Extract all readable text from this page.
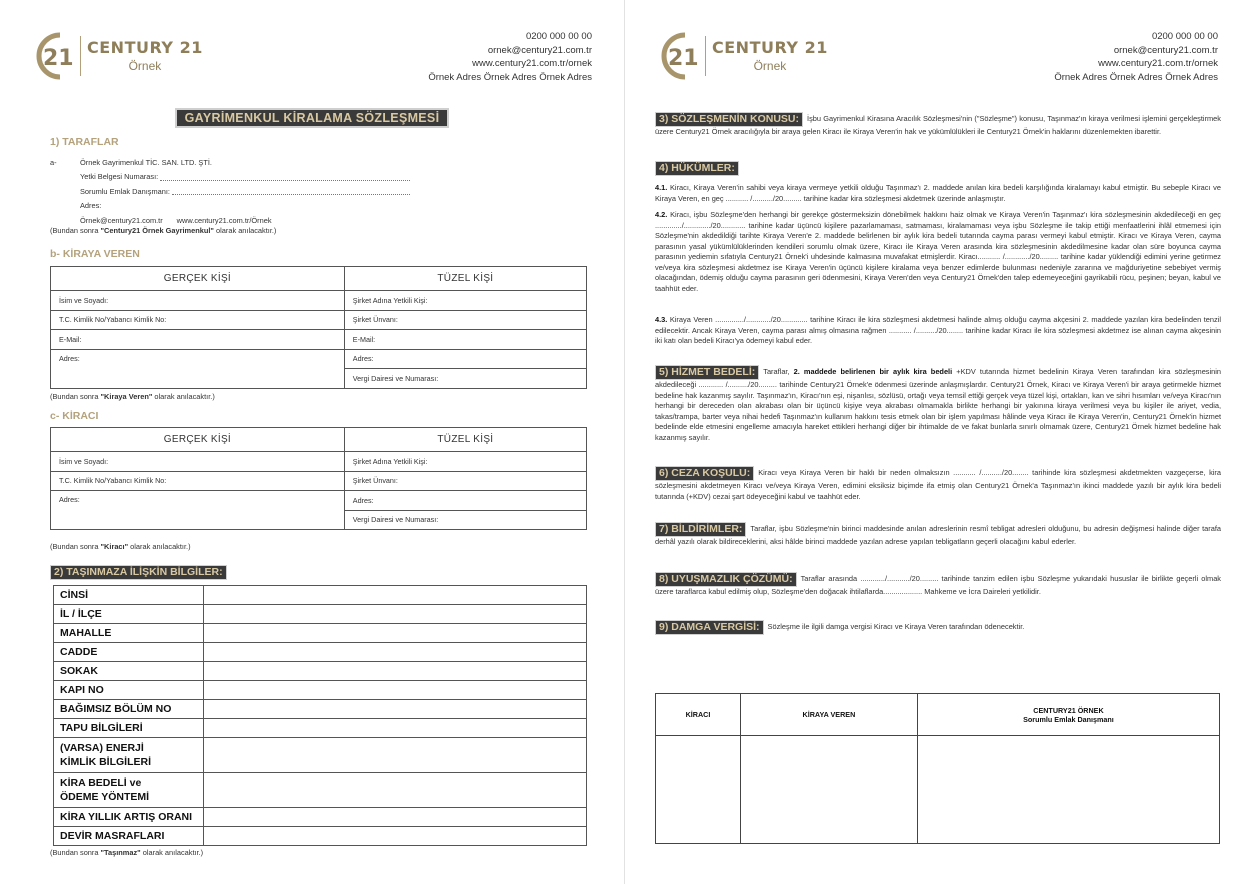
21 CENTURY 21
Örnek
0200 000 00 00
ornek@century21.com.tr
www.century21.com.tr/ornek
Örnek Adres Örnek Adres Örnek Adres
GAYRİMENKUL KİRALAMA SÖZLEŞMESİ
1) TARAFLAR
a-	Örnek Gayrimenkul TİC. SAN. LTD. ŞTİ.
Yetki Belgesi Numarası:
Sorumlu Emlak Danışmanı:
Adres:
Örnek@century21.com.tr www.century21.com.tr/Örnek
(Bundan sonra "Century21 Örnek Gayrimenkul" olarak anılacaktır.)
b- KİRAYA VEREN
GERÇEK KİŞİ	TÜZEL KİŞİ
İsim ve Soyadı:	Şirket Adına Yetkili Kişi:
T.C. Kimlik No/Yabancı Kimlik No:	Şirket Ünvanı:
E-Mail:	E-Mail:
Adres:	Adres:
	Vergi Dairesi ve Numarası:
(Bundan sonra "Kiraya Veren" olarak anılacaktır.)
c- KİRACI
GERÇEK KİŞİ	TÜZEL KİŞİ
İsim ve Soyadı:	Şirket Adına Yetkili Kişi:
T.C. Kimlik No/Yabancı Kimlik No:	Şirket Ünvanı:
Adres:	Adres:
	Vergi Dairesi ve Numarası:
(Bundan sonra "Kiracı" olarak anılacaktır.)
2) TAŞINMAZA İLİŞKİN BİLGİLER:
CİNSİ	
İL / İLÇE	
MAHALLE	
CADDE	
SOKAK	
KAPI NO	
BAĞIMSIZ BÖLÜM NO	
TAPU BİLGİLERİ	

(VARSA) ENERJİ
KİMLİK BİLGİLERİ	

KİRA BEDELİ ve
ÖDEME YÖNTEMİ	

KİRA YILLIK ARTIŞ ORANI	
DEVİR MASRAFLARI	
(Bundan sonra "Taşınmaz" olarak anılacaktır.)
21 CENTURY 21
Örnek
0200 000 00 00
ornek@century21.com.tr
www.century21.com.tr/ornek
Örnek Adres Örnek Adres Örnek Adres
3) SÖZLEŞMENİN KONUSU: İşbu Gayrimenkul Kirasına Aracılık Sözleşmesi'nin ("Sözleşme") konusu, Taşınmaz'ın kiraya verilmesi işlemini gerçekleştirmek üzere Century21 Örnek aracılığıyla bir araya gelen Kiracı ile Kiraya Veren'in hak ve yükümlülükleri ile Century21 Örnek'in haklarını düzenlemekten ibarettir.
4) HÜKÜMLER:
4.1. Kiracı, Kiraya Veren'in sahibi veya kiraya vermeye yetkili olduğu Taşınmaz'ı 2. maddede anılan kira bedeli karşılığında kiralamayı kabul etmiştir. Bu sebeple Kiracı ve Kiraya Veren, en geç ........... /........../20......... tarihine kadar kira sözleşmesi akdetmek üzerinde anlaşmıştır.
4.2. Kiracı, işbu Sözleşme'den herhangi bir gerekçe göstermeksizin dönebilmek hakkını haiz olmak ve Kiraya Veren'in Taşınmaz'ı kira sözleşmesinin akdedileceği en geç ............./............./20............ tarihine kadar üçüncü kişilere pazarlamaması, satmaması, kiralamaması veya işbu Sözleşme ile takip ettiği menfaatlerini ihlâl etmemesi için Sözleşme'nin akdedildiği tarihte Kiraya Veren'e 2. maddede belirlenen bir aylık kira bedeli tutarında cayma parası vermeyi kabul etmiştir. Kiracı ve Kiraya Veren, cayma parasının yasal yükümlülüklerinden kendileri sorumlu olmak üzere, Kiracı ile Kiraya Veren arasında kira sözleşmesinin akdedilmesine kadar olan süre boyunca cayma parasının yediemin sıfatıyla Century21 Örnek'i uhdesinde kalmasına muvafakat etmişlerdir. Kiracı........... /............/20......... tarihine kadar yüklendiği edimini yerine getirmez ve/veya kira sözleşmesi akdetmez ise Kiraya Veren'in üçüncü kişilere kiralama veya benzer edimlerde bulunması nedeniyle zararına ve mağduriyetine sebebiyet vermiş olacağından, ödemiş olduğu cayma parasının geri ödenmesini, Kiraya Veren'den veya Century21 Örnek'den talep edemeyeceğini gayrikabili rücu, peşinen; beyan, kabul ve taahhüt eder.
4.3. Kiraya Veren ............../............/20............. tarihine Kiracı ile kira sözleşmesi akdetmesi halinde almış olduğu cayma akçesini 2. maddede yazılan kira bedelinden tenzil edilecektir. Ancak Kiraya Veren, cayma parası almış olmasına rağmen ........... /........../20........ tarihine kadar Kiracı ile kira sözleşmesi akdetmez ise alınan cayma akçesinin iki katı olan bedeli Kiracı'ya ödemeyi kabul eder.
5) HİZMET BEDELİ: Taraflar, 2. maddede belirlenen bir aylık kira bedeli +KDV tutarında hizmet bedelinin Kiraya Veren tarafından kira sözleşmesinin akdedileceği ............ /........../20......... tarihinde Century21 Örnek'e ödenmesi üzerinde anlaşmışlardır. Century21 Örnek, Kiracı ve Kiraya Veren'i bir araya getirmekle hizmet bedeline hak kazanmış sayılır. Taşınmaz'ın, Kiracı'nın eşi, nişanlısı, sözlüsü, ortağı veya temsil ettiği gerçek veya tüzel kişi, ortakları, kan ve sihri hısımları ve/veya Kiracı'nın herhangi bir dereceden olan akrabası olan bir üçüncü kişiye veya akrabası olmamakla birlikte herhangi bir yakınına kiraya verilmesi veya bu kişiler ile ariyet, vedia, takas/trampa, barter veya nihai hedefi Taşınmaz'ın kullanım hakkını tesis etmek olan bir işlem yapılması hâlinde veya Kiracı ile Kiraya Veren'in, Century21 Örnek'in hizmet bedelinde elde etmesini engelleme amacıyla hareket ettikleri herhangi diğer bir ihtimalde de ve fakat bunlarla sınırlı olmamak üzere, Century21 Örnek hizmet bedeline hak kazanmış sayılır.
6) CEZA KOŞULU: Kiracı veya Kiraya Veren bir haklı bir neden olmaksızın ........... /........../20........ tarihinde kira sözleşmesi akdetmekten vazgeçerse, kira sözleşmesini akdetmeyen Kiracı ve/veya Kiraya Veren, edimini eksiksiz biçimde ifa etmiş olan Century21 Örnek'a Taşınmaz'ın ikinci maddede yazılı bir aylık kira bedeli tutarında (+KDV) cezai şart ödeyeceğini kabul ve taahhüt eder.
7) BİLDİRİMLER: Taraflar, işbu Sözleşme'nin birinci maddesinde anılan adreslerinin resmî tebligat adresleri olduğunu, bu adresin değişmesi halinde diğer tarafa derhâl yazılı olarak bildireceklerini, aksi hâlde birinci maddede yazılan adrese yapılan tebligatların geçerli olacağını kabul ederler.
8) UYUŞMAZLIK ÇÖZÜMÜ: Taraflar arasında ............/.........../20......... tarihinde tanzim edilen işbu Sözleşme yukarıdaki hususlar ile birlikte geçerli olmak üzere taraflarca kabul edilmiş olup, Sözleşme'den doğacak ihtilaflarda................... Mahkeme ve İcra Daireleri yetkilidir.
9) DAMGA VERGİSİ: Sözleşme ile ilgili damga vergisi Kiracı ve Kiraya Veren tarafından ödenecektir.
KİRACI	KİRAYA VEREN	CENTURY21 ÖRNEK
Sorumlu Emlak Danışmanı
